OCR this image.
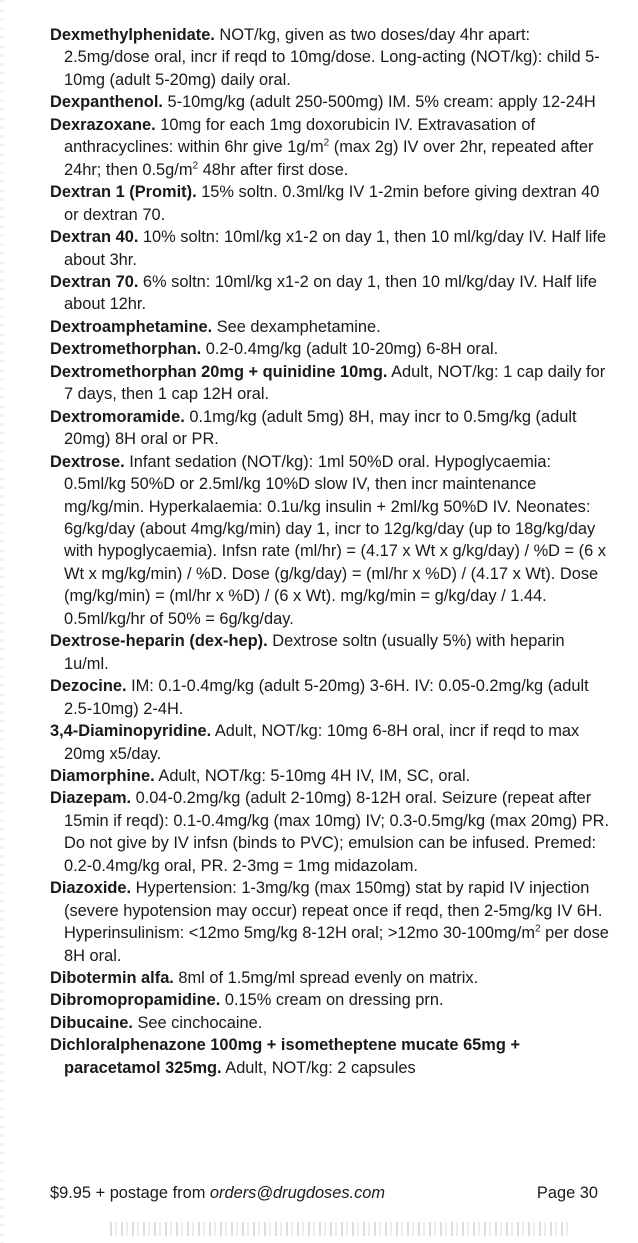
Dexmethylphenidate. NOT/kg, given as two doses/day 4hr apart: 2.5mg/dose oral, incr if reqd to 10mg/dose. Long-acting (NOT/kg): child 5-10mg (adult 5-20mg) daily oral.

Dexpanthenol. 5-10mg/kg (adult 250-500mg) IM. 5% cream: apply 12-24H

Dexrazoxane. 10mg for each 1mg doxorubicin IV. Extravasation of anthracyclines: within 6hr give $1g/m^2$ (max 2g) IV over 2hr, repeated after 24hr; then $0.5g/m^2$ 48hr after first dose.

Dextran 1 (Promit). 15% soltn. 0.3ml/kg IV 1-2min before giving dextran 40 or dextran 70.

Dextran 40. 10% soltn: 10ml/kg x1-2 on day 1, then 10 ml/kg/day IV. Half life about 3hr.

Dextran 70. 6% soltn: 10ml/kg x1-2 on day 1, then 10 ml/kg/day IV. Half life about 12hr.

Dextroamphetamine. See dexamphetamine.

Dextromethorphan. 0.2-0.4mg/kg (adult 10-20mg) 6-8H oral.

Dextromethorphan 20mg + quinidine 10mg. Adult, NOT/kg: 1 cap daily for 7 days, then 1 cap 12H oral.

Dextromoramide. 0.1mg/kg (adult 5mg) 8H, may incr to 0.5mg/kg (adult 20mg) 8H oral or PR.

Dextrose. Infant sedation (NOT/kg): 1ml 50%D oral. Hypoglycaemia: 0.5ml/kg 50%D or 2.5ml/kg 10%D slow IV, then incr maintenance mg/kg/min. Hyperkalaemia: 0.1u/kg insulin + 2ml/kg 50%D IV. Neonates: 6g/kg/day (about 4mg/kg/min) day 1, incr to 12g/kg/day (up to 18g/kg/day with hypoglycaemia). Infsn rate (ml/hr) = (4.17 x Wt x g/kg/day) / %D = (6 x Wt x mg/kg/min) / %D. Dose (g/kg/day) = (ml/hr x %D) / (4.17 x Wt). Dose (mg/kg/min) = (ml/hr x %D) / (6 x Wt). mg/kg/min = g/kg/day / 1.44. 0.5ml/kg/hr of 50% = 6g/kg/day.

Dextrose-heparin (dex-hep). Dextrose soltn (usually 5%) with heparin 1u/ml.

Dezocine. IM: 0.1-0.4mg/kg (adult 5-20mg) 3-6H. IV: 0.05-0.2mg/kg (adult 2.5-10mg) 2-4H.

3,4-Diaminopyridine. Adult, NOT/kg: 10mg 6-8H oral, incr if reqd to max 20mg x5/day.

Diamorphine. Adult, NOT/kg: 5-10mg 4H IV, IM, SC, oral.

Diazepam. 0.04-0.2mg/kg (adult 2-10mg) 8-12H oral. Seizure (repeat after 15min if reqd): 0.1-0.4mg/kg (max 10mg) IV; 0.3-0.5mg/kg (max 20mg) PR. Do not give by IV infsn (binds to PVC); emulsion can be infused. Premed: 0.2-0.4mg/kg oral, PR. 2-3mg = 1mg midazolam.

Diazoxide. Hypertension: 1-3mg/kg (max 150mg) stat by rapid IV injection (severe hypotension may occur) repeat once if reqd, then 2-5mg/kg IV 6H. Hyperinsulinism: <12mo 5mg/kg 8-12H oral; >12mo $30-100mg/m^2$ per dose 8H oral.

Dibotermin alfa. 8ml of 1.5mg/ml spread evenly on matrix.

Dibromopropamidine. 0.15% cream on dressing prn.

Dibucaine. See cinchocaine.

Dichloralphenazone 100mg + isometheptene mucate 65mg + paracetamol 325mg. Adult, NOT/kg: 2 capsules

$9.95 + postage from orders@drugdoses.com	Page 30
